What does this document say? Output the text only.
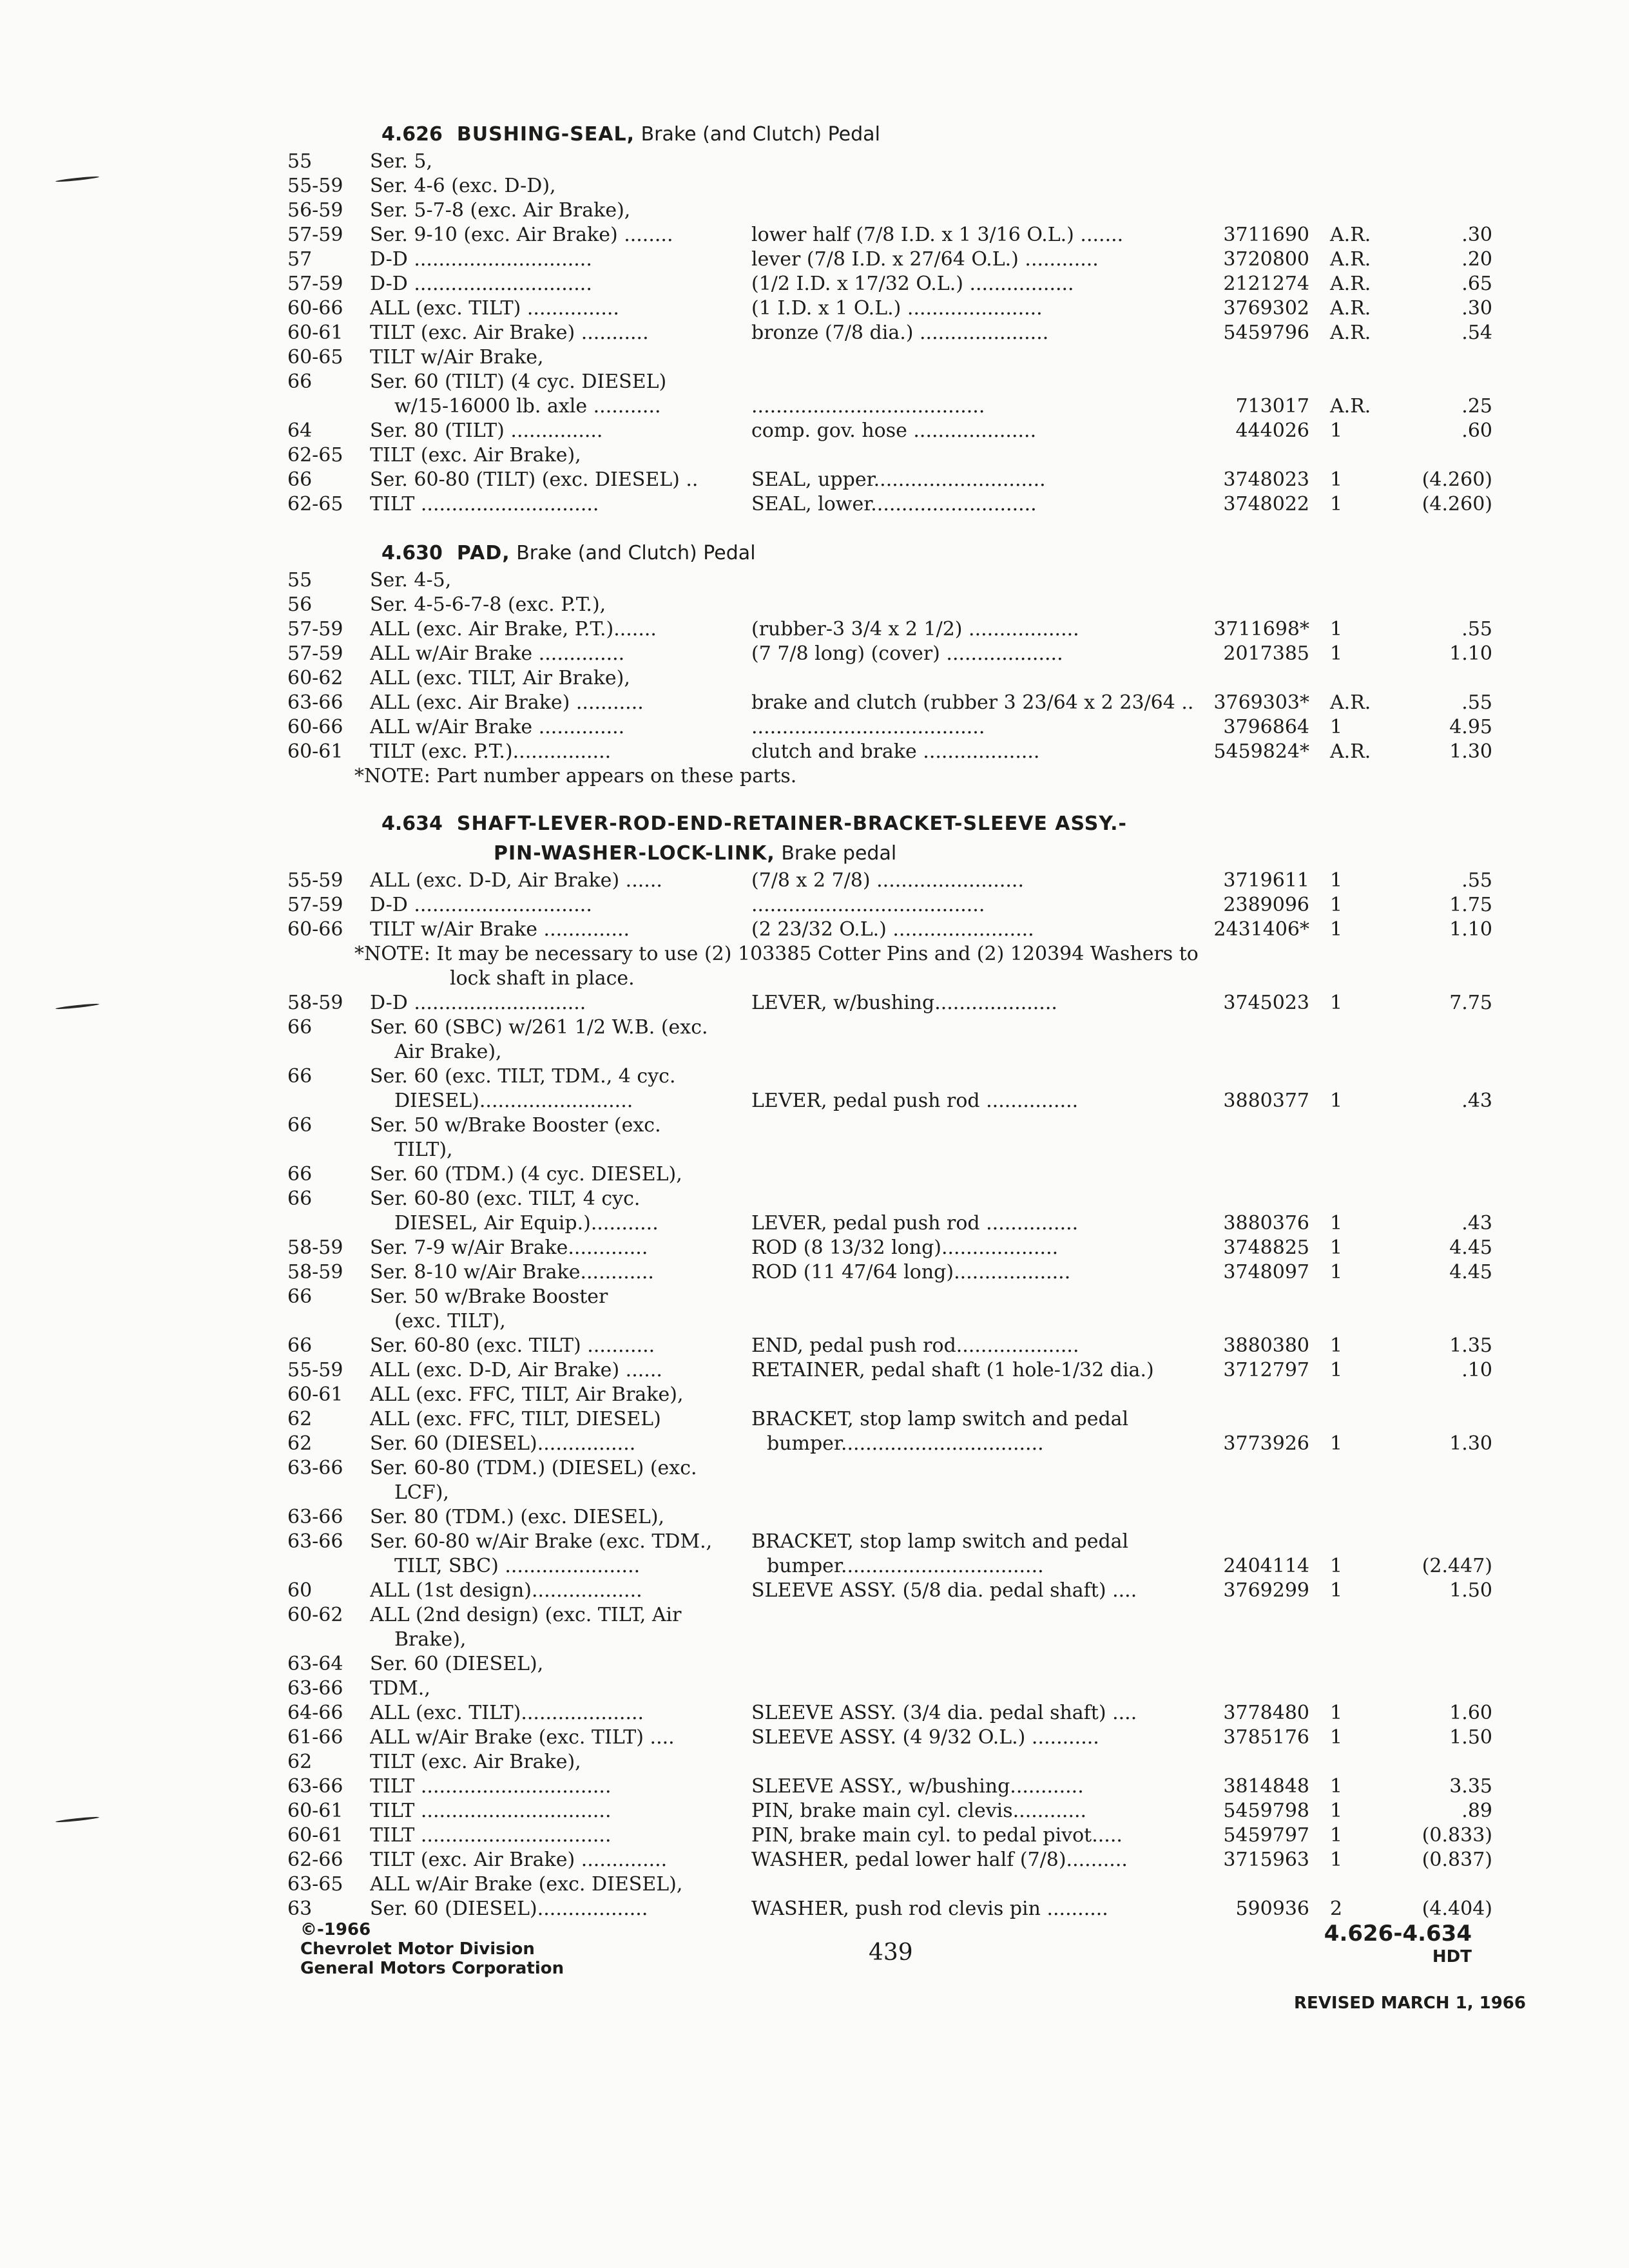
4.626 BUSHING-SEAL, Brake (and Clutch) Pedal
55	Ser. 5,
55-59 Ser. 4-6 (exc. D-D),
56-59 Ser. 5-7-8 (exc. Air Brake),
57-59 Ser. 9-10 (exc. Air Brake) ........	lower half (7/8 I.D. x 1 3/16 O.L.) .......	3711690 A.R.	.30
57	D-D .............................	lever (7/8 I.D. x 27/64 O.L.) ............	3720800 A.R.	.20
57-59 D-D .............................	(1/2 I.D. x 17/32 O.L.) .................	2121274 A.R.	.65
60-66 ALL (exc. TILT) ...............	(1 I.D. x 1 O.L.) ......................	3769302 A.R.	.30
60-61 TILT (exc. Air Brake) ...........	bronze (7/8 dia.) .....................	5459796 A.R.	.54
60-65 TILT w/Air Brake,
66	Ser. 60 (TILT) (4 cyc. DIESEL)
w/15-16000 lb. axle ...........	......................................	713017 A.R.	.25
64	Ser. 80 (TILT) ...............	comp. gov. hose ....................	444026 1	.60
62-65 TILT (exc. Air Brake),
66	Ser. 60-80 (TILT) (exc. DIESEL) ..	SEAL, upper............................	3748023 1	(4.260)
62-65 TILT .............................	SEAL, lower...........................	3748022 1	(4.260)
4.630 PAD, Brake (and Clutch) Pedal
55	Ser. 4-5,
56	Ser. 4-5-6-7-8 (exc. P.T.),
57-59 ALL (exc. Air Brake, P.T.).......	(rubber-3 3/4 x 2 1/2) ..................	3711698* 1	.55
57-59 ALL w/Air Brake ..............	(7 7/8 long) (cover) ...................	2017385 1	1.10
60-62 ALL (exc. TILT, Air Brake),
63-66 ALL (exc. Air Brake) ...........	brake and clutch (rubber 3 23/64 x 2 23/64 ..	3769303* A.R.	.55
60-66 ALL w/Air Brake ..............	......................................	3796864 1	4.95
60-61 TILT (exc. P.T.)................	clutch and brake ...................	5459824* A.R.	1.30
*NOTE: Part number appears on these parts.
4.634 SHAFT-LEVER-ROD-END-RETAINER-BRACKET-SLEEVE ASSY.-
PIN-WASHER-LOCK-LINK, Brake pedal
55-59 ALL (exc. D-D, Air Brake) ......	(7/8 x 2 7/8) ........................	3719611 1	.55
57-59 D-D .............................	......................................	2389096 1	1.75
60-66 TILT w/Air Brake ..............	(2 23/32 O.L.) .......................	2431406* 1	1.10
*NOTE: It may be necessary to use (2) 103385 Cotter Pins and (2) 120394 Washers to
lock shaft in place.
58-59 D-D ............................	LEVER, w/bushing....................	3745023 1	7.75
66	Ser. 60 (SBC) w/261 1/2 W.B. (exc.
Air Brake),
66	Ser. 60 (exc. TILT, TDM., 4 cyc.
DIESEL).........................	LEVER, pedal push rod ...............	3880377 1	.43
66	Ser. 50 w/Brake Booster (exc.
TILT),
66	Ser. 60 (TDM.) (4 cyc. DIESEL),
66	Ser. 60-80 (exc. TILT, 4 cyc.
DIESEL, Air Equip.)...........	LEVER, pedal push rod ...............	3880376 1	.43
58-59 Ser. 7-9 w/Air Brake.............	ROD (8 13/32 long)...................	3748825 1	4.45
58-59 Ser. 8-10 w/Air Brake............	ROD (11 47/64 long)...................	3748097 1	4.45
66	Ser. 50 w/Brake Booster
(exc. TILT),
66	Ser. 60-80 (exc. TILT) ...........	END, pedal push rod....................	3880380 1	1.35
55-59 ALL (exc. D-D, Air Brake) ......	RETAINER, pedal shaft (1 hole-1/32 dia.)	3712797 1	.10
60-61 ALL (exc. FFC, TILT, Air Brake),
62	ALL (exc. FFC, TILT, DIESEL)	BRACKET, stop lamp switch and pedal
62	Ser. 60 (DIESEL)................	bumper.................................	3773926 1	1.30
63-66 Ser. 60-80 (TDM.) (DIESEL) (exc.
LCF),
63-66 Ser. 80 (TDM.) (exc. DIESEL),
63-66 Ser. 60-80 w/Air Brake (exc. TDM.,	BRACKET, stop lamp switch and pedal
TILT, SBC) ......................	bumper.................................	2404114 1	(2.447)
60	ALL (1st design)..................	SLEEVE ASSY. (5/8 dia. pedal shaft) ....	3769299 1	1.50
60-62 ALL (2nd design) (exc. TILT, Air
Brake),
63-64 Ser. 60 (DIESEL),
63-66 TDM.,
64-66 ALL (exc. TILT)....................	SLEEVE ASSY. (3/4 dia. pedal shaft) ....	3778480 1	1.60
61-66 ALL w/Air Brake (exc. TILT) ....	SLEEVE ASSY. (4 9/32 O.L.) ...........	3785176 1	1.50
62	TILT (exc. Air Brake),
63-66 TILT ...............................	SLEEVE ASSY., w/bushing............	3814848 1	3.35
60-61 TILT ...............................	PIN, brake main cyl. clevis............	5459798 1	.89
60-61 TILT ...............................	PIN, brake main cyl. to pedal pivot.....	5459797 1	(0.833)
62-66 TILT (exc. Air Brake) ..............	WASHER, pedal lower half (7/8)..........	3715963 1	(0.837)
63-65 ALL w/Air Brake (exc. DIESEL),
63	Ser. 60 (DIESEL)..................	WASHER, push rod clevis pin ..........	590936 2	(4.404)
©-1966
Chevrolet Motor Division
General Motors Corporation
439
4.626-4.634
HDT
REVISED MARCH 1, 1966
